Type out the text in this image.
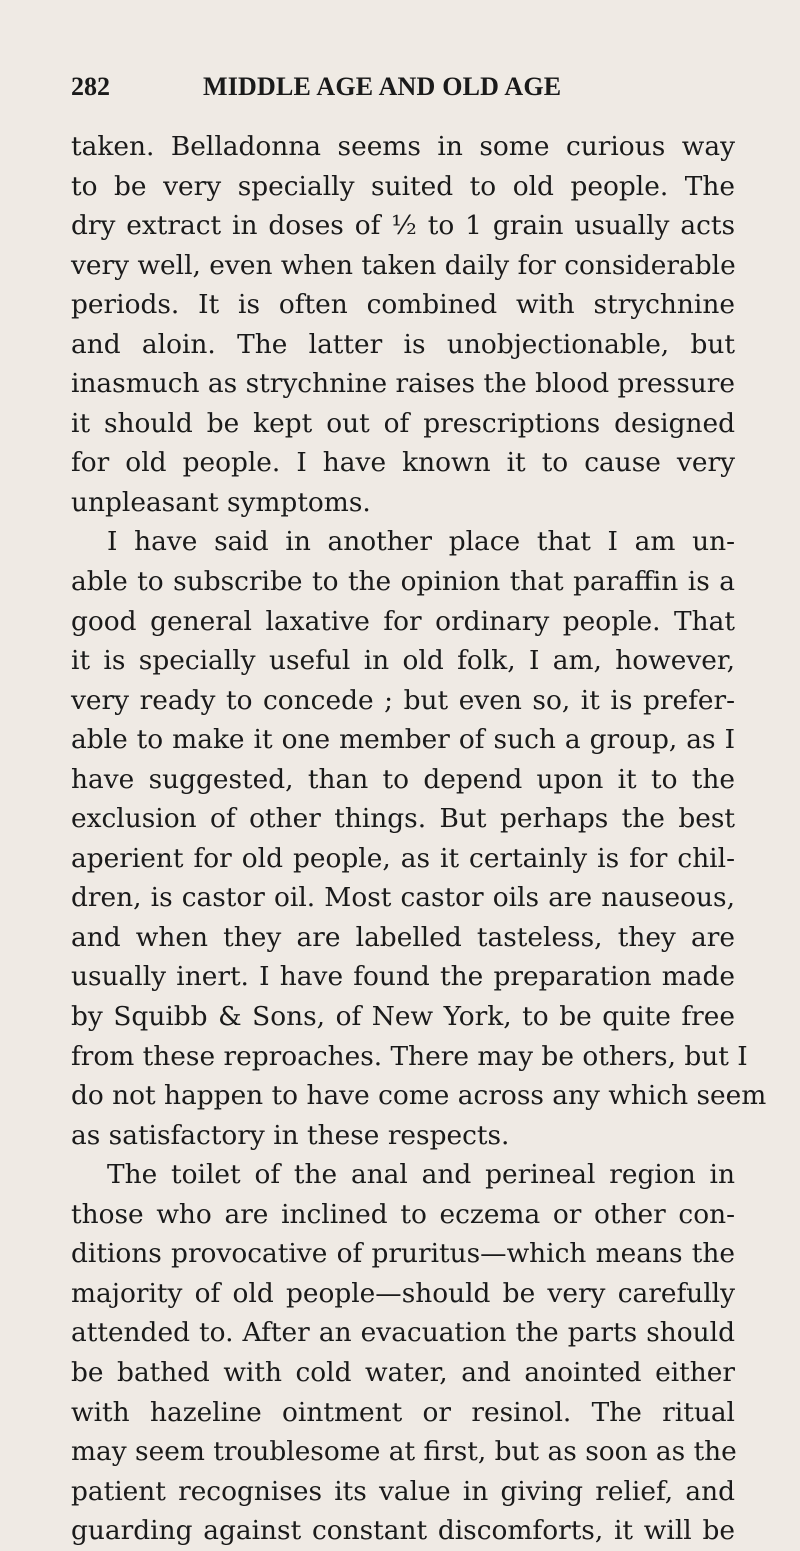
282	MIDDLE AGE AND OLD AGE
taken. Belladonna seems in some curious way
to be very specially suited to old people. The
dry extract in doses of ½ to 1 grain usually acts
very well, even when taken daily for considerable
periods. It is often combined with strychnine
and aloin. The latter is unobjectionable, but
inasmuch as strychnine raises the blood pressure
it should be kept out of prescriptions designed
for old people. I have known it to cause very
unpleasant symptoms.
I have said in another place that I am un-
able to subscribe to the opinion that paraffin is a
good general laxative for ordinary people. That
it is specially useful in old folk, I am, however,
very ready to concede ; but even so, it is prefer-
able to make it one member of such a group, as I
have suggested, than to depend upon it to the
exclusion of other things. But perhaps the best
aperient for old people, as it certainly is for chil-
dren, is castor oil. Most castor oils are nauseous,
and when they are labelled tasteless, they are
usually inert. I have found the preparation made
by Squibb & Sons, of New York, to be quite free
from these reproaches. There may be others, but I
do not happen to have come across any which seem
as satisfactory in these respects.
The toilet of the anal and perineal region in
those who are inclined to eczema or other con-
ditions provocative of pruritus—which means the
majority of old people—should be very carefully
attended to. After an evacuation the parts should
be bathed with cold water, and anointed either
with hazeline ointment or resinol. The ritual
may seem troublesome at first, but as soon as the
patient recognises its value in giving relief, and
guarding against constant discomforts, it will be
